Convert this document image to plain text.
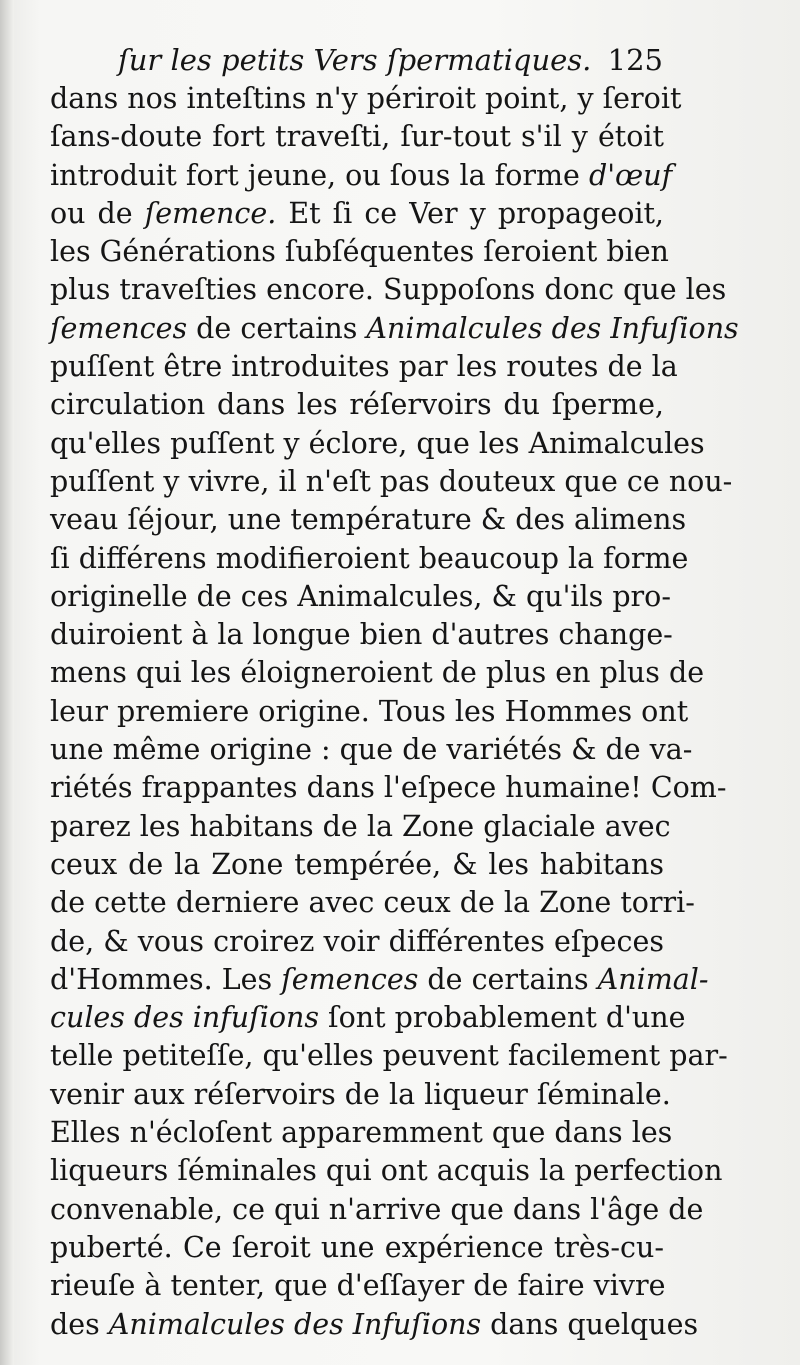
ſur les petits Vers ſpermatiques. 125
dans nos inteſtins n'y périroit point, y ſeroit
ſans-doute fort traveſti, ſur-tout s'il y étoit
introduit fort jeune, ou ſous la forme d'œuf
ou de ſemence. Et ſi ce Ver y propageoit,
les Générations ſubſéquentes ſeroient bien
plus traveſties encore. Suppoſons donc que les
ſemences de certains Animalcules des Infuſions
puſſent être introduites par les routes de la
circulation dans les réſervoirs du ſperme,
qu'elles puſſent y éclore, que les Animalcules
puſſent y vivre, il n'eſt pas douteux que ce nou-
veau ſéjour, une température & des alimens
ſi différens modifieroient beaucoup la forme
originelle de ces Animalcules, & qu'ils pro-
duiroient à la longue bien d'autres change-
mens qui les éloigneroient de plus en plus de
leur premiere origine. Tous les Hommes ont
une même origine : que de variétés & de va-
riétés frappantes dans l'eſpece humaine! Com-
parez les habitans de la Zone glaciale avec
ceux de la Zone tempérée, & les habitans
de cette derniere avec ceux de la Zone torri-
de, & vous croirez voir différentes eſpeces
d'Hommes. Les ſemences de certains Animal-
cules des infuſions ſont probablement d'une
telle petiteſſe, qu'elles peuvent facilement par-
venir aux réſervoirs de la liqueur ſéminale.
Elles n'écloſent apparemment que dans les
liqueurs ſéminales qui ont acquis la perfection
convenable, ce qui n'arrive que dans l'âge de
puberté. Ce ſeroit une expérience très-cu-
rieuſe à tenter, que d'eſſayer de faire vivre
des Animalcules des Infuſions dans quelques
